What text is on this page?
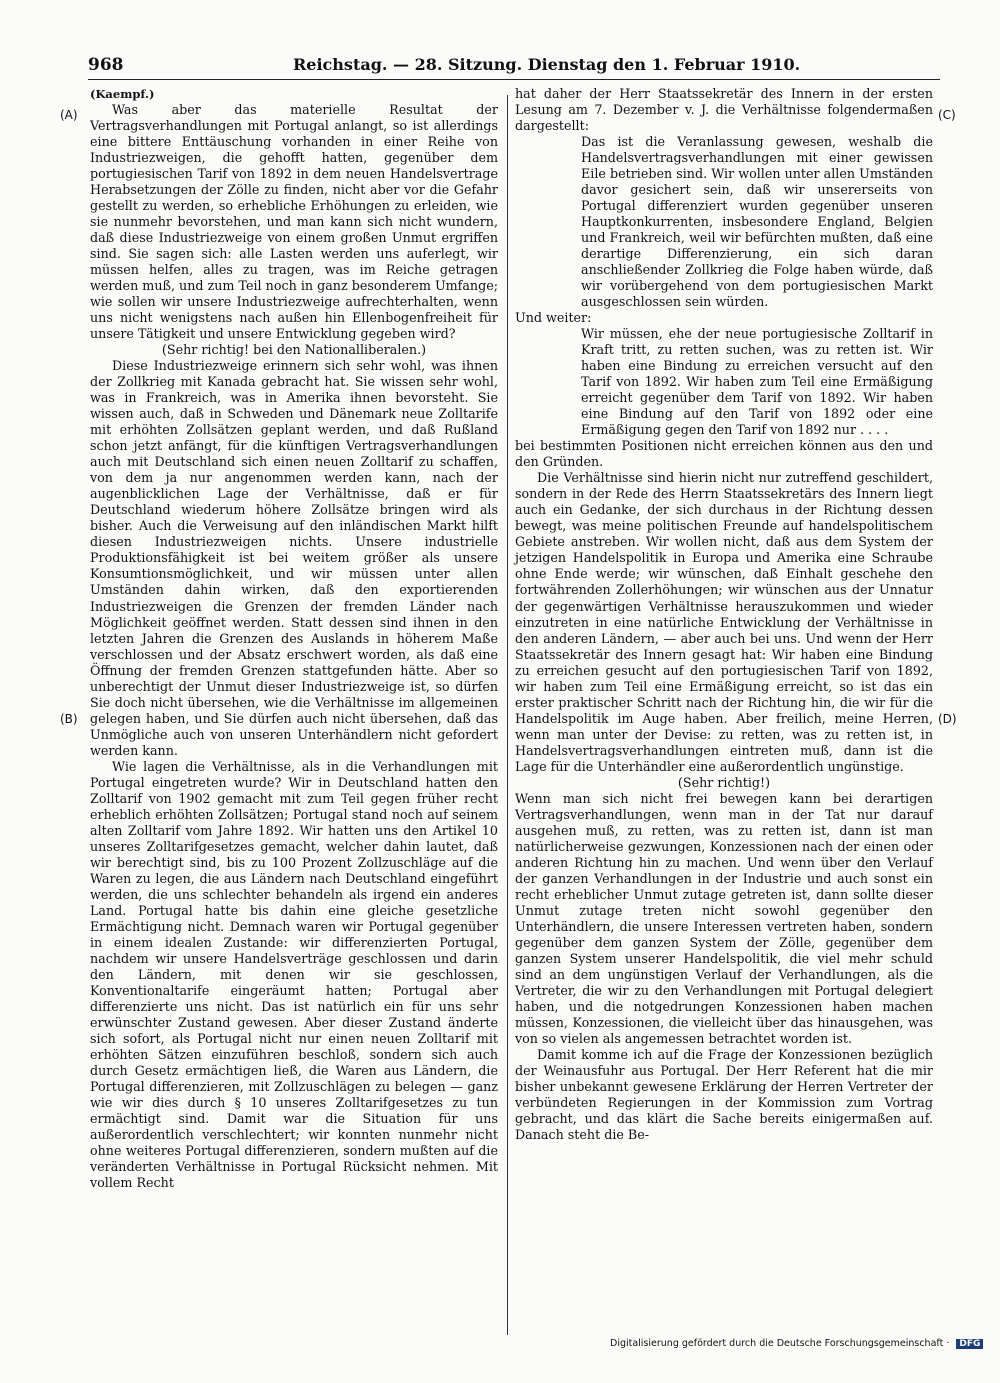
968	Reichstag. — 28. Sitzung. Dienstag den 1. Februar 1910.
(A)
(B)
(C)
(D)

(Kaempf.)

Was aber das materielle Resultat der Vertragsverhandlungen mit Portugal anlangt, so ist allerdings eine bittere Enttäuschung vorhanden in einer Reihe von Industriezweigen, die gehofft hatten, gegenüber dem portugiesischen Tarif von 1892 in dem neuen Handelsvertrage Herabsetzungen der Zölle zu finden, nicht aber vor die Gefahr gestellt zu werden, so erhebliche Erhöhungen zu erleiden, wie sie nunmehr bevorstehen, und man kann sich nicht wundern, daß diese Industriezweige von einem großen Unmut ergriffen sind. Sie sagen sich: alle Lasten werden uns auferlegt, wir müssen helfen, alles zu tragen, was im Reiche getragen werden muß, und zum Teil noch in ganz besonderem Umfange; wie sollen wir unsere Industriezweige aufrechterhalten, wenn uns nicht wenigstens nach außen hin Ellenbogenfreiheit für unsere Tätigkeit und unsere Entwicklung gegeben wird?

(Sehr richtig! bei den Nationalliberalen.)

Diese Industriezweige erinnern sich sehr wohl, was ihnen der Zollkrieg mit Kanada gebracht hat. Sie wissen sehr wohl, was in Frankreich, was in Amerika ihnen bevorsteht. Sie wissen auch, daß in Schweden und Dänemark neue Zolltarife mit erhöhten Zollsätzen geplant werden, und daß Rußland schon jetzt anfängt, für die künftigen Vertragsverhandlungen auch mit Deutschland sich einen neuen Zolltarif zu schaffen, von dem ja nur angenommen werden kann, nach der augenblicklichen Lage der Verhältnisse, daß er für Deutschland wiederum höhere Zollsätze bringen wird als bisher. Auch die Verweisung auf den inländischen Markt hilft diesen Industriezweigen nichts. Unsere industrielle Produktionsfähigkeit ist bei weitem größer als unsere Konsumtionsmöglichkeit, und wir müssen unter allen Umständen dahin wirken, daß den exportierenden Industriezweigen die Grenzen der fremden Länder nach Möglichkeit geöffnet werden. Statt dessen sind ihnen in den letzten Jahren die Grenzen des Auslands in höherem Maße verschlossen und der Absatz erschwert worden, als daß eine Öffnung der fremden Grenzen stattgefunden hätte. Aber so unberechtigt der Unmut dieser Industriezweige ist, so dürfen Sie doch nicht übersehen, wie die Verhältnisse im allgemeinen gelegen haben, und Sie dürfen auch nicht übersehen, daß das Unmögliche auch von unseren Unterhändlern nicht gefordert werden kann.

Wie lagen die Verhältnisse, als in die Verhandlungen mit Portugal eingetreten wurde? Wir in Deutschland hatten den Zolltarif von 1902 gemacht mit zum Teil gegen früher recht erheblich erhöhten Zollsätzen; Portugal stand noch auf seinem alten Zolltarif vom Jahre 1892. Wir hatten uns den Artikel 10 unseres Zolltarifgesetzes gemacht, welcher dahin lautet, daß wir berechtigt sind, bis zu 100 Prozent Zollzuschläge auf die Waren zu legen, die aus Ländern nach Deutschland eingeführt werden, die uns schlechter behandeln als irgend ein anderes Land. Portugal hatte bis dahin eine gleiche gesetzliche Ermächtigung nicht. Demnach waren wir Portugal gegenüber in einem idealen Zustande: wir differenzierten Portugal, nachdem wir unsere Handelsverträge geschlossen und darin den Ländern, mit denen wir sie geschlossen, Konventionaltarife eingeräumt hatten; Portugal aber differenzierte uns nicht. Das ist natürlich ein für uns sehr erwünschter Zustand gewesen. Aber dieser Zustand änderte sich sofort, als Portugal nicht nur einen neuen Zolltarif mit erhöhten Sätzen einzuführen beschloß, sondern sich auch durch Gesetz ermächtigen ließ, die Waren aus Ländern, die Portugal differenzieren, mit Zollzuschlägen zu belegen — ganz wie wir dies durch § 10 unseres Zolltarifgesetzes zu tun ermächtigt sind. Damit war die Situation für uns außerordentlich verschlechtert; wir konnten nunmehr nicht ohne weiteres Portugal differenzieren, sondern mußten auf die veränderten Verhältnisse in Portugal Rücksicht nehmen. Mit vollem Recht

hat daher der Herr Staatssekretär des Innern in der ersten Lesung am 7. Dezember v. J. die Verhältnisse folgendermaßen dargestellt:

Das ist die Veranlassung gewesen, weshalb die Handelsvertragsverhandlungen mit einer gewissen Eile betrieben sind. Wir wollen unter allen Umständen davor gesichert sein, daß wir unsererseits von Portugal differenziert wurden gegenüber unseren Hauptkonkurrenten, insbesondere England, Belgien und Frankreich, weil wir befürchten mußten, daß eine derartige Differenzierung, ein sich daran anschließender Zollkrieg die Folge haben würde, daß wir vorübergehend von dem portugiesischen Markt ausgeschlossen sein würden.

Und weiter:

Wir müssen, ehe der neue portugiesische Zolltarif in Kraft tritt, zu retten suchen, was zu retten ist. Wir haben eine Bindung zu erreichen versucht auf den Tarif von 1892. Wir haben zum Teil eine Ermäßigung erreicht gegenüber dem Tarif von 1892. Wir haben eine Bindung auf den Tarif von 1892 oder eine Ermäßigung gegen den Tarif von 1892 nur . . . .

bei bestimmten Positionen nicht erreichen können aus den und den Gründen.

Die Verhältnisse sind hierin nicht nur zutreffend geschildert, sondern in der Rede des Herrn Staatssekretärs des Innern liegt auch ein Gedanke, der sich durchaus in der Richtung dessen bewegt, was meine politischen Freunde auf handelspolitischem Gebiete anstreben. Wir wollen nicht, daß aus dem System der jetzigen Handelspolitik in Europa und Amerika eine Schraube ohne Ende werde; wir wünschen, daß Einhalt geschehe den fortwährenden Zollerhöhungen; wir wünschen aus der Unnatur der gegenwärtigen Verhältnisse herauszukommen und wieder einzutreten in eine natürliche Entwicklung der Verhältnisse in den anderen Ländern, — aber auch bei uns. Und wenn der Herr Staatssekretär des Innern gesagt hat: Wir haben eine Bindung zu erreichen gesucht auf den portugiesischen Tarif von 1892, wir haben zum Teil eine Ermäßigung erreicht, so ist das ein erster praktischer Schritt nach der Richtung hin, die wir für die Handelspolitik im Auge haben. Aber freilich, meine Herren, wenn man unter der Devise: zu retten, was zu retten ist, in Handelsvertragsverhandlungen eintreten muß, dann ist die Lage für die Unterhändler eine außerordentlich ungünstige.

(Sehr richtig!)

Wenn man sich nicht frei bewegen kann bei derartigen Vertragsverhandlungen, wenn man in der Tat nur darauf ausgehen muß, zu retten, was zu retten ist, dann ist man natürlicherweise gezwungen, Konzessionen nach der einen oder anderen Richtung hin zu machen. Und wenn über den Verlauf der ganzen Verhandlungen in der Industrie und auch sonst ein recht erheblicher Unmut zutage getreten ist, dann sollte dieser Unmut zutage treten nicht sowohl gegenüber den Unterhändlern, die unsere Interessen vertreten haben, sondern gegenüber dem ganzen System der Zölle, gegenüber dem ganzen System unserer Handelspolitik, die viel mehr schuld sind an dem ungünstigen Verlauf der Verhandlungen, als die Vertreter, die wir zu den Verhandlungen mit Portugal delegiert haben, und die notgedrungen Konzessionen haben machen müssen, Konzessionen, die vielleicht über das hinausgehen, was von so vielen als angemessen betrachtet worden ist.

Damit komme ich auf die Frage der Konzessionen bezüglich der Weinausfuhr aus Portugal. Der Herr Referent hat die mir bisher unbekannt gewesene Erklärung der Herren Vertreter der verbündeten Regierungen in der Kommission zum Vortrag gebracht, und das klärt die Sache bereits einigermaßen auf. Danach steht die Be-

Digitalisierung gefördert durch die Deutsche Forschungsgemeinschaft · DFG
